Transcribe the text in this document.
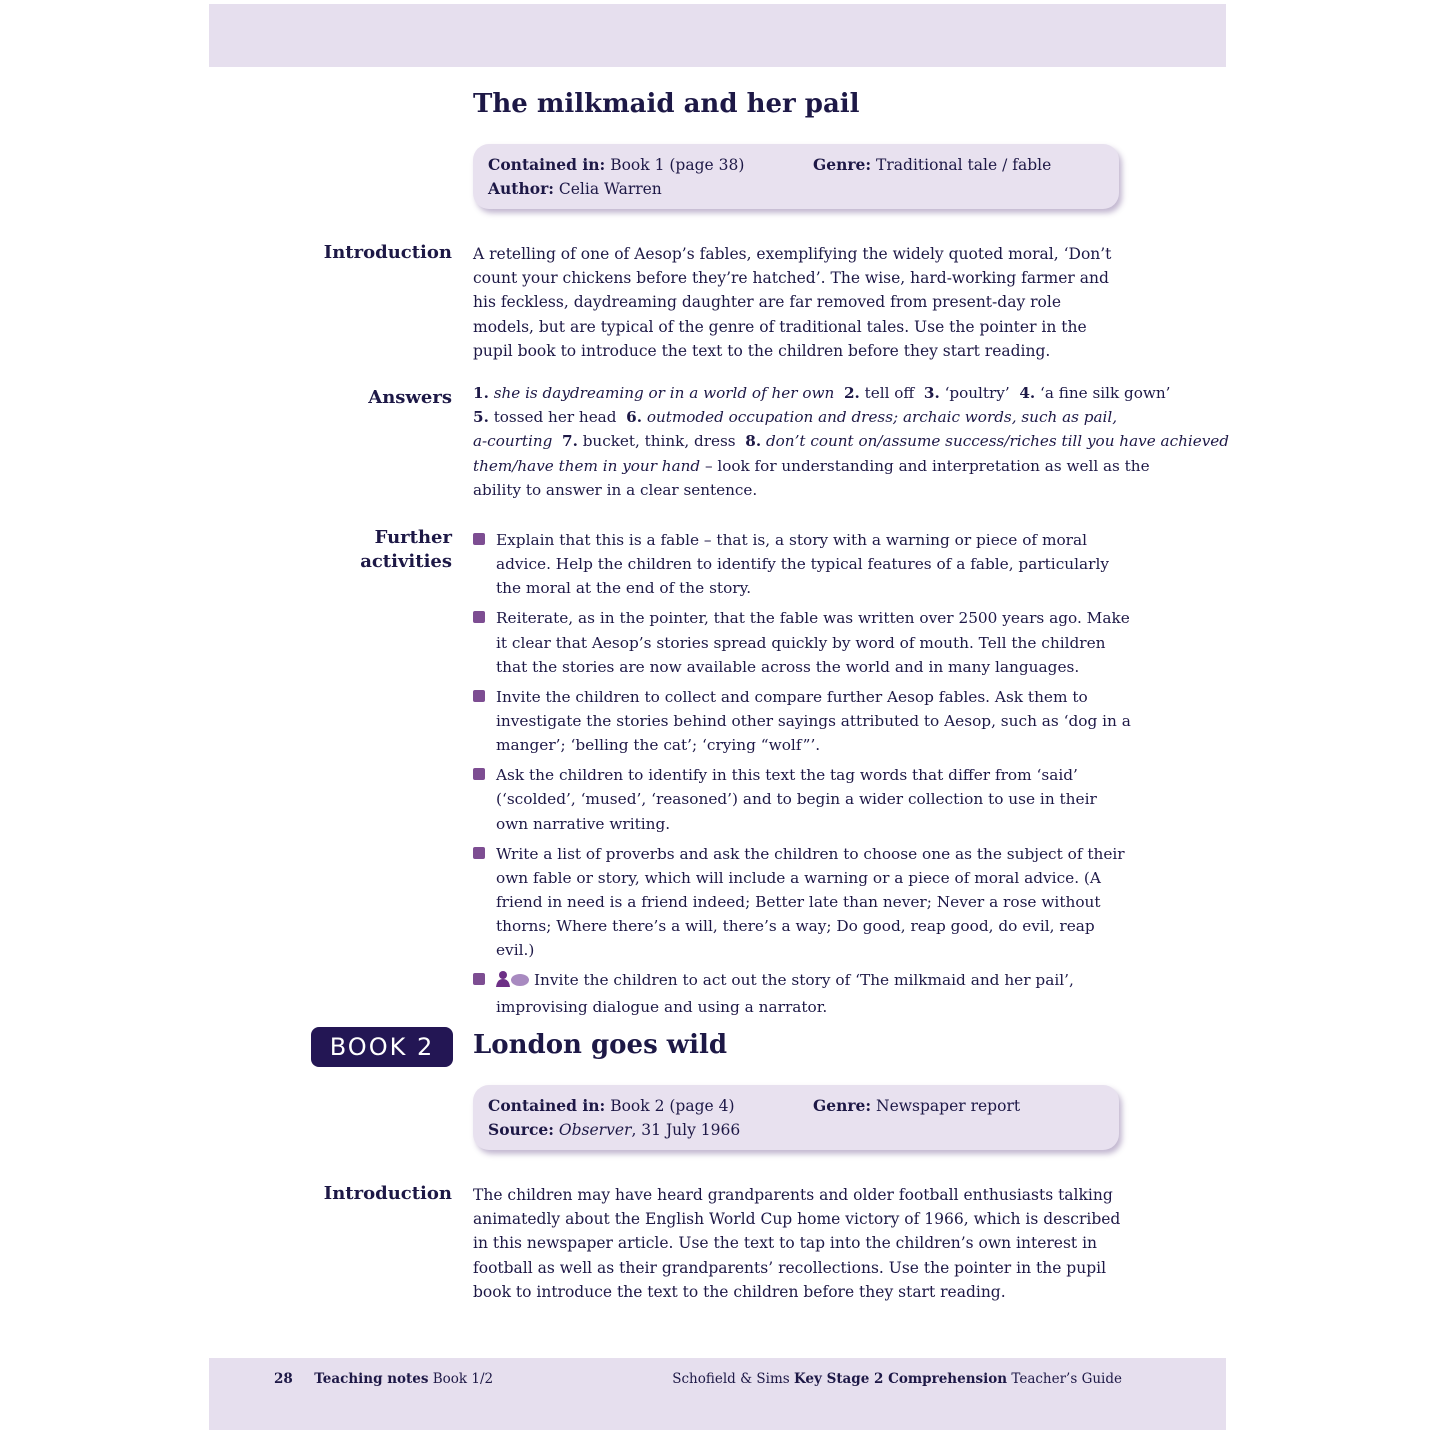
The milkmaid and her pail
Contained in: Book 1 (page 38)	Genre: Traditional tale / fable
Author: Celia Warren
Introduction A retelling of one of Aesop’s fables, exemplifying the widely quoted moral, ‘Don’t count your chickens before they’re hatched’. The wise, hard-working farmer and his feckless, daydreaming daughter are far removed from present-day role models, but are typical of the genre of traditional tales. Use the pointer in the pupil book to introduce the text to the children before they start reading.
Answers 1. she is daydreaming or in a world of her own 2. tell off 3. ‘poultry’ 4. ‘a fine silk gown’
5. tossed her head 6. outmoded occupation and dress; archaic words, such as pail,
a-courting 7. bucket, think, dress 8. don’t count on/assume success/riches till you have achieved
them/have them in your hand – look for understanding and interpretation as well as the
ability to answer in a clear sentence.
Further
activities
Explain that this is a fable – that is, a story with a warning or piece of moral advice. Help the children to identify the typical features of a fable, particularly the moral at the end of the story.
Reiterate, as in the pointer, that the fable was written over 2500 years ago. Make it clear that Aesop’s stories spread quickly by word of mouth. Tell the children that the stories are now available across the world and in many languages.
Invite the children to collect and compare further Aesop fables. Ask them to investigate the stories behind other sayings attributed to Aesop, such as ‘dog in a manger’; ‘belling the cat’; ‘crying “wolf”’.
Ask the children to identify in this text the tag words that differ from ‘said’ (‘scolded’, ‘mused’, ‘reasoned’) and to begin a wider collection to use in their own narrative writing.
Write a list of proverbs and ask the children to choose one as the subject of their own fable or story, which will include a warning or a piece of moral advice. (A friend in need is a friend indeed; Better late than never; Never a rose without thorns; Where there’s a will, there’s a way; Do good, reap good, do evil, reap evil.)
Invite the children to act out the story of ‘The milkmaid and her pail’, improvising dialogue and using a narrator.
BOOK 2	London goes wild
Contained in: Book 2 (page 4)	Genre: Newspaper report
Source: Observer, 31 July 1966
Introduction The children may have heard grandparents and older football enthusiasts talking animatedly about the English World Cup home victory of 1966, which is described in this newspaper article. Use the text to tap into the children’s own interest in football as well as their grandparents’ recollections. Use the pointer in the pupil book to introduce the text to the children before they start reading.
28 Teaching notes Book 1/2	Schofield & Sims Key Stage 2 Comprehension Teacher’s Guide
